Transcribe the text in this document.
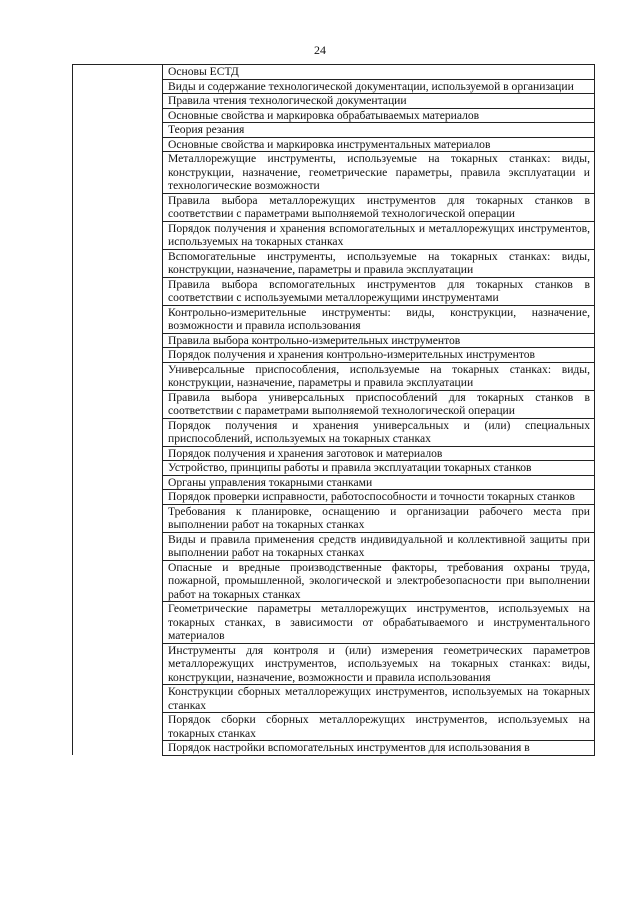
24
	Основы ЕСТД
Виды и содержание технологической документации, используемой в организации
Правила чтения технологической документации
Основные свойства и маркировка обрабатываемых материалов
Теория резания
Основные свойства и маркировка инструментальных материалов
Металлорежущие инструменты, используемые на токарных станках: виды, конструкции, назначение, геометрические параметры, правила эксплуатации и технологические возможности
Правила выбора металлорежущих инструментов для токарных станков в соответствии с параметрами выполняемой технологической операции
Порядок получения и хранения вспомогательных и металлорежущих инструментов, используемых на токарных станках
Вспомогательные инструменты, используемые на токарных станках: виды, конструкции, назначение, параметры и правила эксплуатации
Правила выбора вспомогательных инструментов для токарных станков в соответствии с используемыми металлорежущими инструментами
Контрольно-измерительные инструменты: виды, конструкции, назначение, возможности и правила использования
Правила выбора контрольно-измерительных инструментов
Порядок получения и хранения контрольно-измерительных инструментов
Универсальные приспособления, используемые на токарных станках: виды, конструкции, назначение, параметры и правила эксплуатации
Правила выбора универсальных приспособлений для токарных станков в соответствии с параметрами выполняемой технологической операции
Порядок получения и хранения универсальных и (или) специальных приспособлений, используемых на токарных станках
Порядок получения и хранения заготовок и материалов
Устройство, принципы работы и правила эксплуатации токарных станков
Органы управления токарными станками
Порядок проверки исправности, работоспособности и точности токарных станков
Требования к планировке, оснащению и организации рабочего места при выполнении работ на токарных станках
Виды и правила применения средств индивидуальной и коллективной защиты при выполнении работ на токарных станках
Опасные и вредные производственные факторы, требования охраны труда, пожарной, промышленной, экологической и электробезопасности при выполнении работ на токарных станках
Геометрические параметры металлорежущих инструментов, используемых на токарных станках, в зависимости от обрабатываемого и инструментального материалов
Инструменты для контроля и (или) измерения геометрических параметров металлорежущих инструментов, используемых на токарных станках: виды, конструкции, назначение, возможности и правила использования
Конструкции сборных металлорежущих инструментов, используемых на токарных станках
Порядок сборки сборных металлорежущих инструментов, используемых на токарных станках
Порядок настройки вспомогательных инструментов для использования в
